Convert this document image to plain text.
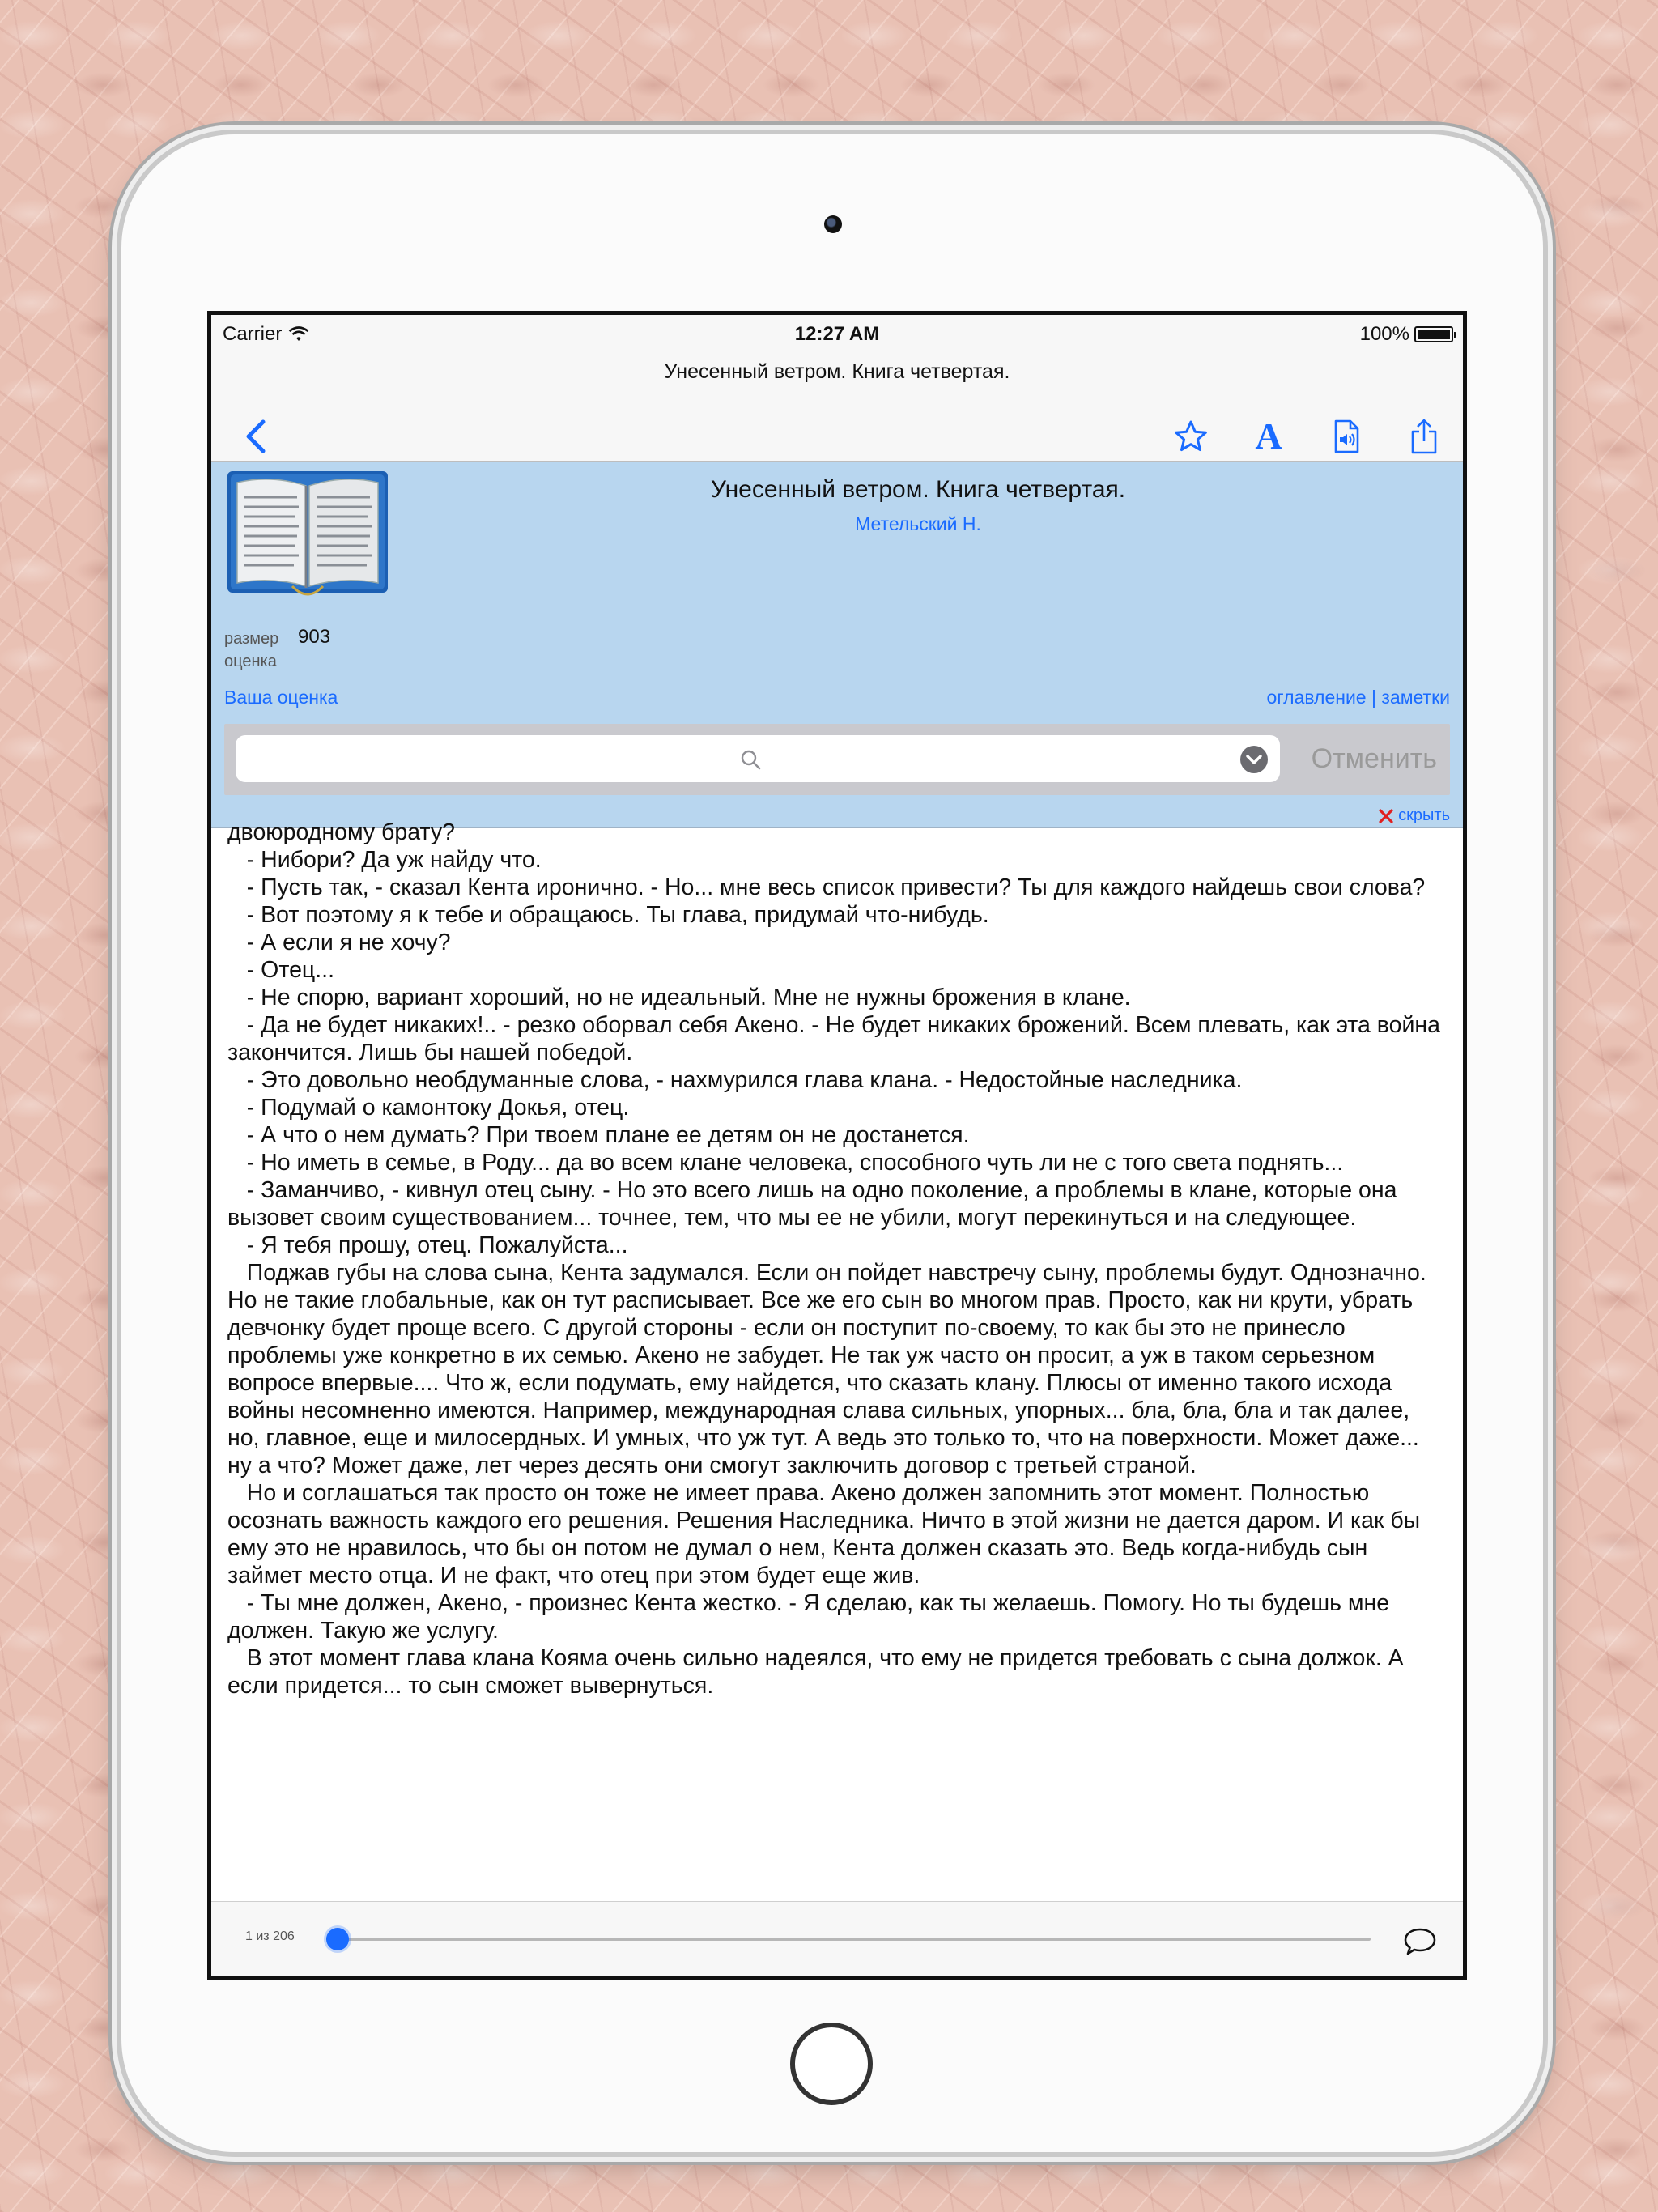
Carrier	12:27 AM	100%
Унесенный ветром. Книга четвертая.
A
Унесенный ветром. Книга четвертая.
Метельский Н.
размер 903
оценка
Ваша оценка	оглавление | заметки
Отменить
скрыть

двоюродному брату?

- Нибори? Да уж найду что.

- Пусть так, - сказал Кента иронично. - Но... мне весь список привести? Ты для каждого найдешь свои слова?

- Вот поэтому я к тебе и обращаюсь. Ты глава, придумай что-нибудь.

- А если я не хочу?

- Отец...

- Не спорю, вариант хороший, но не идеальный. Мне не нужны брожения в клане.

- Да не будет никаких!.. - резко оборвал себя Акено. - Не будет никаких брожений. Всем плевать, как эта война закончится. Лишь бы нашей победой.

- Это довольно необдуманные слова, - нахмурился глава клана. - Недостойные наследника.

- Подумай о камонтоку Докья, отец.

- А что о нем думать? При твоем плане ее детям он не достанется.

- Но иметь в семье, в Роду... да во всем клане человека, способного чуть ли не с того света поднять...

- Заманчиво, - кивнул отец сыну. - Но это всего лишь на одно поколение, а проблемы в клане, которые она вызовет своим существованием... точнее, тем, что мы ее не убили, могут перекинуться и на следующее.

- Я тебя прошу, отец. Пожалуйста...

Поджав губы на слова сына, Кента задумался. Если он пойдет навстречу сыну, проблемы будут. Однозначно. Но не такие глобальные, как он тут расписывает. Все же его сын во многом прав. Просто, как ни крути, убрать девчонку будет проще всего. С другой стороны - если он поступит по-своему, то как бы это не принесло проблемы уже конкретно в их семью. Акено не забудет. Не так уж часто он просит, а уж в таком серьезном вопросе впервые.... Что ж, если подумать, ему найдется, что сказать клану. Плюсы от именно такого исхода войны несомненно имеются. Например, международная слава сильных, упорных... бла, бла, бла и так далее, но, главное, еще и милосердных. И умных, что уж тут. А ведь это только то, что на поверхности. Может даже... ну а что? Может даже, лет через десять они смогут заключить договор с третьей страной.

Но и соглашаться так просто он тоже не имеет права. Акено должен запомнить этот момент. Полностью осознать важность каждого его решения. Решения Наследника. Ничто в этой жизни не дается даром. И как бы ему это не нравилось, что бы он потом не думал о нем, Кента должен сказать это. Ведь когда-нибудь сын займет место отца. И не факт, что отец при этом будет еще жив.

- Ты мне должен, Акено, - произнес Кента жестко. - Я сделаю, как ты желаешь. Помогу. Но ты будешь мне должен. Такую же услугу.

В этот момент глава клана Кояма очень сильно надеялся, что ему не придется требовать с сына должок. А если придется... то сын сможет вывернуться.

1 из 206
